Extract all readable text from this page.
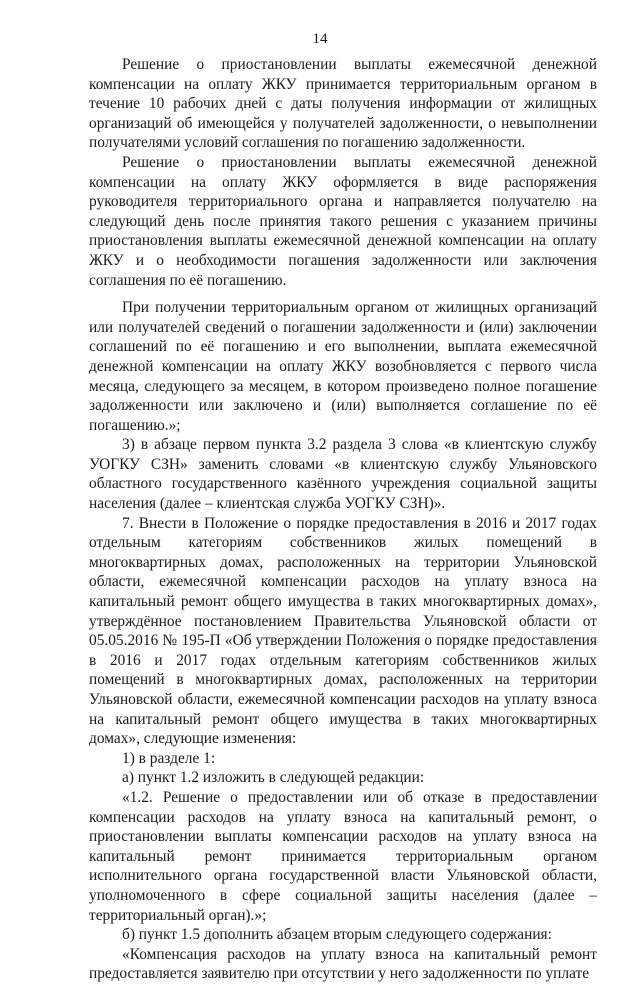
14

Решение о приостановлении выплаты ежемесячной денежной компенсации на оплату ЖКУ принимается территориальным органом в течение 10 рабочих дней с даты получения информации от жилищных организаций об имеющейся у получателей задолженности, о невыполнении получателями условий соглашения по погашению задолженности.

Решение о приостановлении выплаты ежемесячной денежной компенсации на оплату ЖКУ оформляется в виде распоряжения руководителя территориального органа и направляется получателю на следующий день после принятия такого решения с указанием причины приостановления выплаты ежемесячной денежной компенсации на оплату ЖКУ и о необходимости погашения задолженности или заключения соглашения по её погашению.

При получении территориальным органом от жилищных организаций или получателей сведений о погашении задолженности и (или) заключении соглашений по её погашению и его выполнении, выплата ежемесячной денежной компенсации на оплату ЖКУ возобновляется с первого числа месяца, следующего за месяцем, в котором произведено полное погашение задолженности или заключено и (или) выполняется соглашение по её погашению.»;

3) в абзаце первом пункта 3.2 раздела 3 слова «в клиентскую службу УОГКУ СЗН» заменить словами «в клиентскую службу Ульяновского областного государственного казённого учреждения социальной защиты населения (далее – клиентская служба УОГКУ СЗН)».

7. Внести в Положение о порядке предоставления в 2016 и 2017 годах отдельным категориям собственников жилых помещений в многоквартирных домах, расположенных на территории Ульяновской области, ежемесячной компенсации расходов на уплату взноса на капитальный ремонт общего имущества в таких многоквартирных домах», утверждённое постановлением Правительства Ульяновской области от 05.05.2016 № 195-П «Об утверждении Положения о порядке предоставления в 2016 и 2017 годах отдельным категориям собственников жилых помещений в многоквартирных домах, расположенных на территории Ульяновской области, ежемесячной компенсации расходов на уплату взноса на капитальный ремонт общего имущества в таких многоквартирных домах», следующие изменения:

1) в разделе 1:

а) пункт 1.2 изложить в следующей редакции:

«1.2. Решение о предоставлении или об отказе в предоставлении компенсации расходов на уплату взноса на капитальный ремонт, о приостановлении выплаты компенсации расходов на уплату взноса на капитальный ремонт принимается территориальным органом исполнительного органа государственной власти Ульяновской области, уполномоченного в сфере социальной защиты населения (далее – территориальный орган).»;

б) пункт 1.5 дополнить абзацем вторым следующего содержания:

«Компенсация расходов на уплату взноса на капитальный ремонт предоставляется заявителю при отсутствии у него задолженности по уплате
